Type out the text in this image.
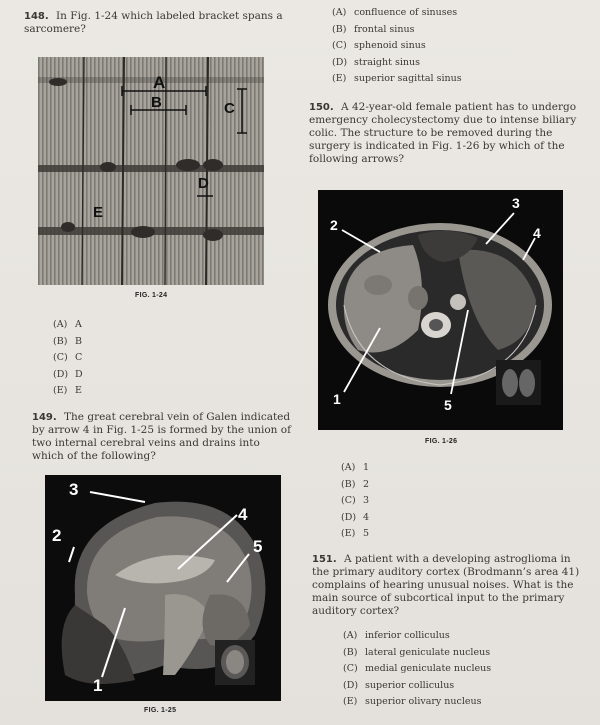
148. In Fig. 1-24 which labeled bracket spans a sarcomere?
A
B	C
D
E
FIG. 1-24
(A) A
(B) B
(C) C
(D) D
(E) E
149. The great cerebral vein of Galen indicated by arrow 4 in Fig. 1-25 is formed by the union of two internal cerebral veins and drains into which of the following?
3
2
4
5
1
FIG. 1-25
(A) confluence of sinuses
(B) frontal sinus
(C) sphenoid sinus
(D) straight sinus
(E) superior sagittal sinus
150. A 42-year-old female patient has to undergo emergency cholecystectomy due to intense biliary colic. The structure to be removed during the surgery is indicated in Fig. 1-26 by which of the following arrows?
2
3
4
1	5
FIG. 1-26
(A) 1
(B) 2
(C) 3
(D) 4
(E) 5
151. A patient with a developing astroglioma in the primary auditory cortex (Brodmann’s area 41) complains of hearing unusual noises. What is the main source of subcortical input to the primary auditory cortex?
(A) inferior colliculus
(B) lateral geniculate nucleus
(C) medial geniculate nucleus
(D) superior colliculus
(E) superior olivary nucleus
